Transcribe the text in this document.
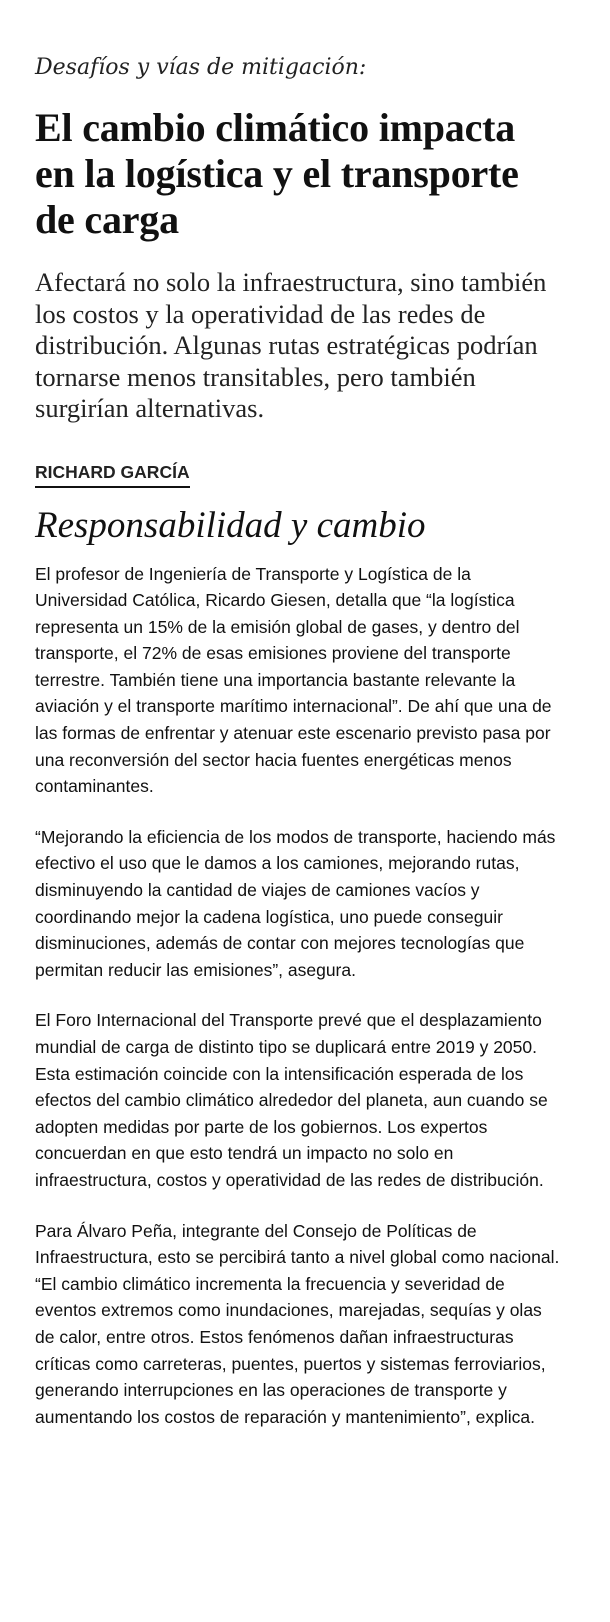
Desafíos y vías de mitigación:

El cambio climático impacta en la logística y el transporte de carga

Afectará no solo la infraestructura, sino también los costos y la operatividad de las redes de distribución. Algunas rutas estratégicas podrían tornarse menos transitables, pero también surgirían alternativas.

RICHARD GARCÍA
Responsabilidad y cambio

El profesor de Ingeniería de Transporte y Logística de la Universidad Católica, Ricardo Giesen, detalla que “la logística representa un 15% de la emisión global de gases, y dentro del transporte, el 72% de esas emisiones proviene del transporte terrestre. También tiene una importancia bastante relevante la aviación y el transporte marítimo internacional”. De ahí que una de las formas de enfrentar y atenuar este escenario previsto pasa por una reconversión del sector hacia fuentes energéticas menos contaminantes.

“Mejorando la eficiencia de los modos de transporte, haciendo más efectivo el uso que le damos a los camiones, mejorando rutas, disminuyendo la cantidad de viajes de camiones vacíos y coordinando mejor la cadena logística, uno puede conseguir disminuciones, además de contar con mejores tecnologías que permitan reducir las emisiones”, asegura.

El Foro Internacional del Transporte prevé que el desplazamiento mundial de carga de distinto tipo se duplicará entre 2019 y 2050. Esta estimación coincide con la intensificación esperada de los efectos del cambio climático alrededor del planeta, aun cuando se adopten medidas por parte de los gobiernos. Los expertos concuerdan en que esto tendrá un impacto no solo en infraestructura, costos y operatividad de las redes de distribución.

Para Álvaro Peña, integrante del Consejo de Políticas de Infraestructura, esto se percibirá tanto a nivel global como nacional. “El cambio climático incrementa la frecuencia y severidad de eventos extremos como inundaciones, marejadas, sequías y olas de calor, entre otros. Estos fenómenos dañan infraestructuras críticas como carreteras, puentes, puertos y sistemas ferroviarios, generando interrupciones en las operaciones de transporte y aumentando los costos de reparación y mantenimiento”, explica.
